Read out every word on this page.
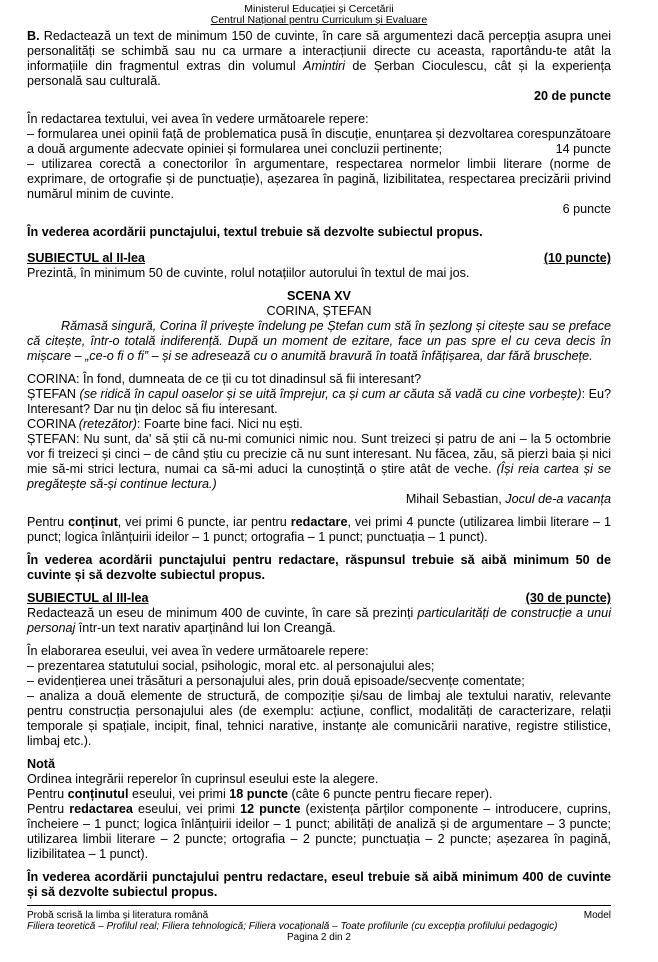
Ministerul Educației și Cercetării
Centrul Național pentru Curriculum și Evaluare

B. Redactează un text de minimum 150 de cuvinte, în care să argumentezi dacă percepția asupra unei personalități se schimbă sau nu ca urmare a interacțiunii directe cu aceasta, raportându-te atât la informațiile din fragmentul extras din volumul Amintiri de Șerban Cioculescu, cât și la experiența personală sau culturală.

20 de puncte

În redactarea textului, vei avea în vedere următoarele repere:

– formularea unei opinii față de problematica pusă în discuție, enunțarea și dezvoltarea corespunzătoare a două argumente adecvate opiniei și formularea unei concluzii pertinente;	14 puncte

– utilizarea corectă a conectorilor în argumentare, respectarea normelor limbii literare (norme de exprimare, de ortografie și de punctuație), așezarea în pagină, lizibilitatea, respectarea precizării privind numărul minim de cuvinte.

6 puncte

În vederea acordării punctajului, textul trebuie să dezvolte subiectul propus.

SUBIECTUL al II-lea	(10 puncte)

Prezintă, în minimum 50 de cuvinte, rolul notațiilor autorului în textul de mai jos.

SCENA XV

CORINA, ȘTEFAN

Rămasă singură, Corina îl privește îndelung pe Ștefan cum stă în șezlong și citește sau se preface că citește, într-o totală indiferență. După un moment de ezitare, face un pas spre el cu ceva decis în mișcare – „ce-o fi o fi” – și se adresează cu o anumită bravură în toată înfățișarea, dar fără bruschețe.

CORINA: În fond, dumneata de ce ții cu tot dinadinsul să fii interesant?

ȘTEFAN (se ridică în capul oaselor și se uită împrejur, ca și cum ar căuta să vadă cu cine vorbește): Eu? Interesant? Dar nu țin deloc să fiu interesant.

CORINA (retezător): Foarte bine faci. Nici nu ești.

ȘTEFAN: Nu sunt, da' să știi că nu-mi comunici nimic nou. Sunt treizeci și patru de ani – la 5 octombrie vor fi treizeci și cinci – de când știu cu precizie că nu sunt interesant. Nu făcea, zău, să pierzi baia și nici mie să-mi strici lectura, numai ca să-mi aduci la cunoștință o știre atât de veche. (Își reia cartea și se pregătește să-și continue lectura.)

Mihail Sebastian, Jocul de-a vacanța

Pentru conținut, vei primi 6 puncte, iar pentru redactare, vei primi 4 puncte (utilizarea limbii literare – 1 punct; logica înlănțuirii ideilor – 1 punct; ortografia – 1 punct; punctuația – 1 punct).

În vederea acordării punctajului pentru redactare, răspunsul trebuie să aibă minimum 50 de cuvinte și să dezvolte subiectul propus.

SUBIECTUL al III-lea	(30 de puncte)

Redactează un eseu de minimum 400 de cuvinte, în care să prezinți particularități de construcție a unui personaj într-un text narativ aparținând lui Ion Creangă.

În elaborarea eseului, vei avea în vedere următoarele repere:

– prezentarea statutului social, psihologic, moral etc. al personajului ales;

– evidențierea unei trăsături a personajului ales, prin două episoade/secvențe comentate;

– analiza a două elemente de structură, de compoziție și/sau de limbaj ale textului narativ, relevante pentru construcția personajului ales (de exemplu: acțiune, conflict, modalități de caracterizare, relații temporale și spațiale, incipit, final, tehnici narative, instanțe ale comunicării narative, registre stilistice, limbaj etc.).

Notă

Ordinea integrării reperelor în cuprinsul eseului este la alegere.

Pentru conținutul eseului, vei primi 18 puncte (câte 6 puncte pentru fiecare reper).

Pentru redactarea eseului, vei primi 12 puncte (existența părților componente – introducere, cuprins, încheiere – 1 punct; logica înlănțuirii ideilor – 1 punct; abilități de analiză și de argumentare – 3 puncte; utilizarea limbii literare – 2 puncte; ortografia – 2 puncte; punctuația – 2 puncte; așezarea în pagină, lizibilitatea – 1 punct).

În vederea acordării punctajului pentru redactare, eseul trebuie să aibă minimum 400 de cuvinte și să dezvolte subiectul propus.

Probă scrisă la limba și literatura română	Model
Filiera teoretică – Profilul real; Filiera tehnologică; Filiera vocațională – Toate profilurile (cu excepția profilului pedagogic)
Pagina 2 din 2
